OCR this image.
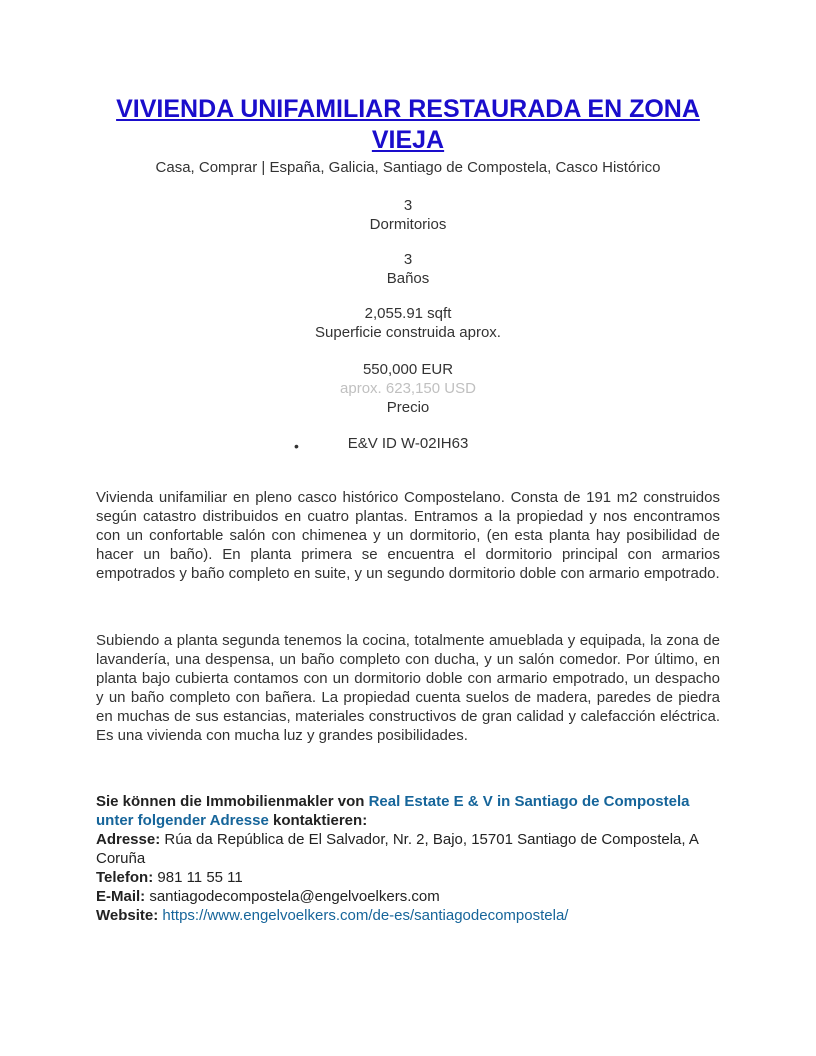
VIVIENDA UNIFAMILIAR RESTAURADA EN ZONA VIEJA

Casa, Comprar | España, Galicia, Santiago de Compostela, Casco Histórico

3
Dormitorios
3
Baños
2,055.91 sqft
Superficie construida aprox.
550,000 EUR
aprox. 623,150 USD
Precio
•	E&V ID W-02IH63

Vivienda unifamiliar en pleno casco histórico Compostelano. Consta de 191 m2 construidos según catastro distribuidos en cuatro plantas. Entramos a la propiedad y nos encontramos con un confortable salón con chimenea y un dormitorio, (en esta planta hay posibilidad de hacer un baño). En planta primera se encuentra el dormitorio principal con armarios empotrados y baño completo en suite, y un segundo dormitorio doble con armario empotrado.

Subiendo a planta segunda tenemos la cocina, totalmente amueblada y equipada, la zona de lavandería, una despensa, un baño completo con ducha, y un salón comedor. Por último, en planta bajo cubierta contamos con un dormitorio doble con armario empotrado, un despacho y un baño completo con bañera. La propiedad cuenta suelos de madera, paredes de piedra en muchas de sus estancias, materiales constructivos de gran calidad y calefacción eléctrica. Es una vivienda con mucha luz y grandes posibilidades.

Sie können die Immobilienmakler von Real Estate E & V in Santiago de Compostela unter folgender Adresse kontaktieren:
Adresse: Rúa da República de El Salvador, Nr. 2, Bajo, 15701 Santiago de Compostela, A Coruña
Telefon: 981 11 55 11
E-Mail: santiagodecompostela@engelvoelkers.com
Website: https://www.engelvoelkers.com/de-es/santiagodecompostela/
